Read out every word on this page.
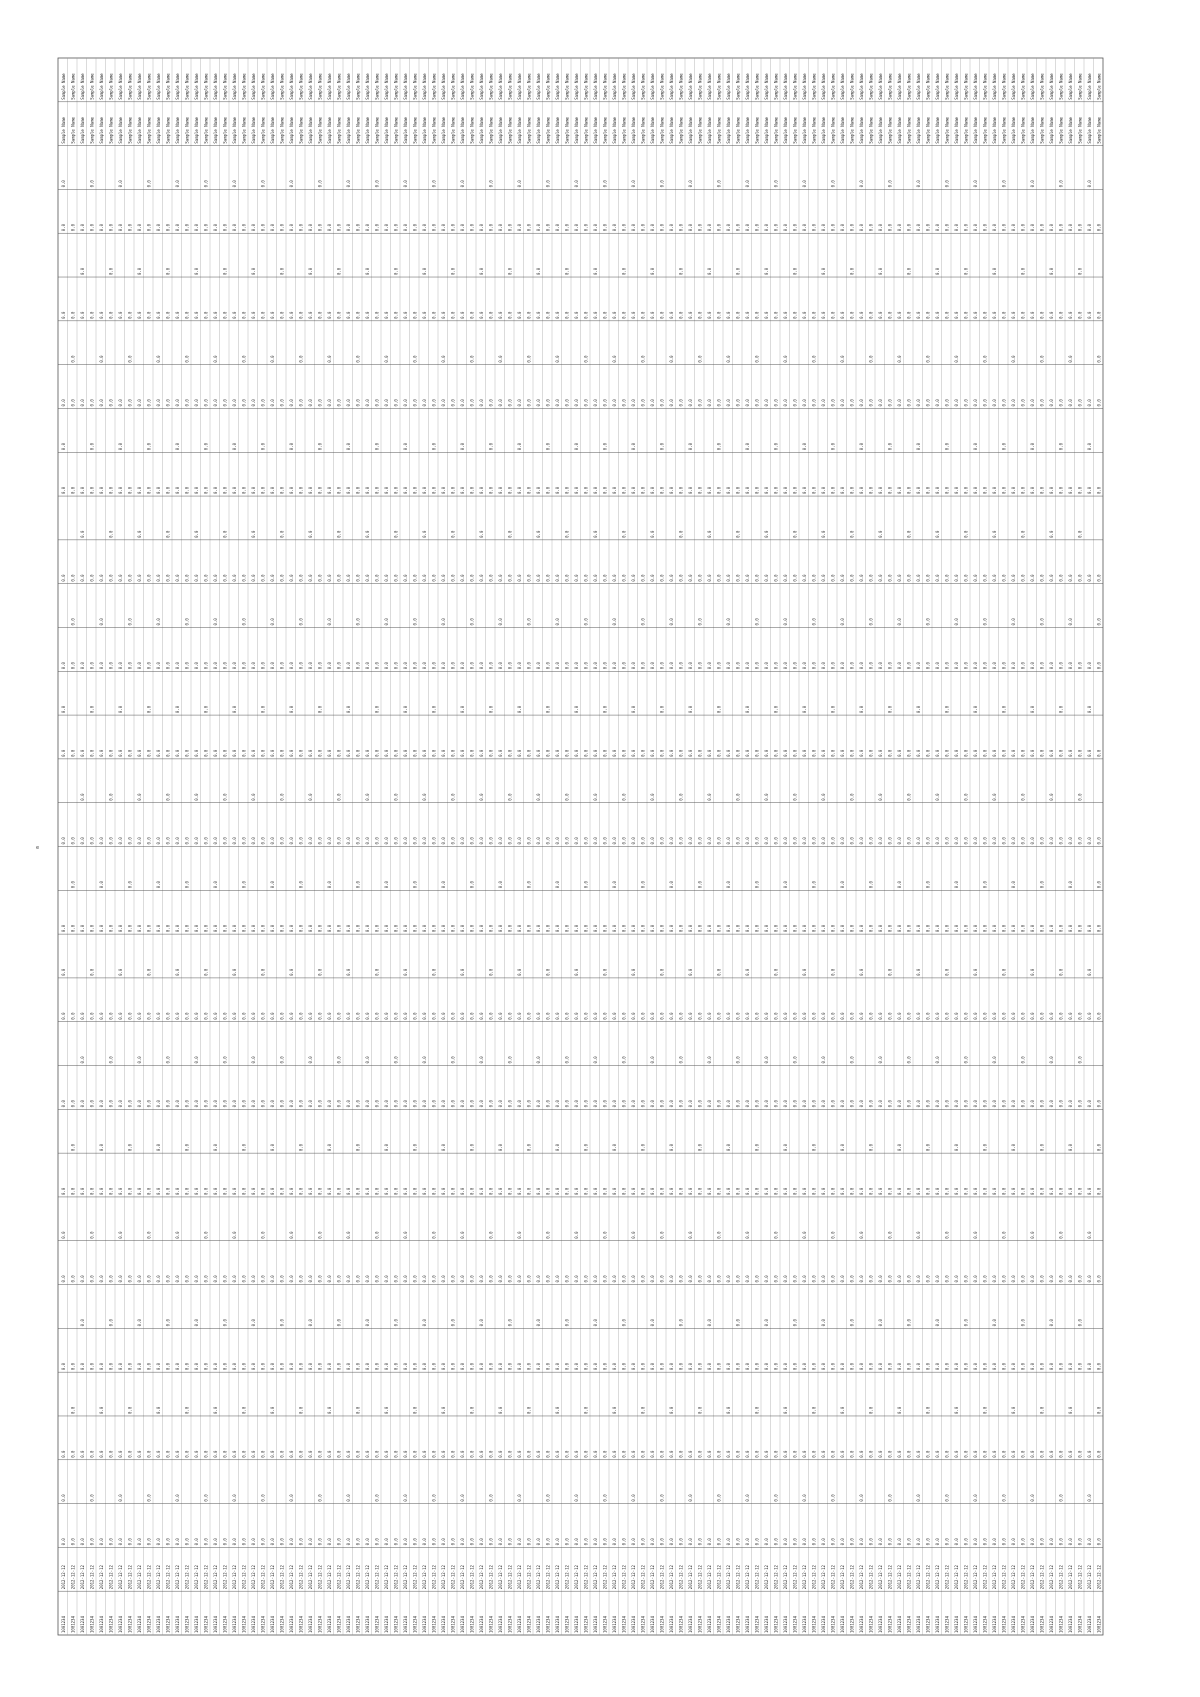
e
1001234
2012-12-12
0.0
0.0
0.0
0.0
0.0
0.0
0.0
0.0
0.0
0.0
0.0
0.0
0.0
0.0
0.0
0.0
0.0
0.0
0.0
0.0
0.0
0.0
Sample Name
Sample Name
1001234
2012-12-12
0.0
0.0
0.0
0.0
0.0
0.0
0.0
0.0
0.0
0.0
0.0
0.0
0.0
0.0
0.0
0.0
0.0
0.0
0.0
0.0
0.0
Sample Name
Sample Name
1001234
2012-12-12
0.0
0.0
0.0
0.0
0.0
0.0
0.0
0.0
0.0
0.0
0.0
0.0
0.0
0.0
0.0
0.0
0.0
0.0
0.0
0.0
0.0
Sample Name
Sample Name
1001234
2012-12-12
0.0
0.0
0.0
0.0
0.0
0.0
0.0
0.0
0.0
0.0
0.0
0.0
0.0
0.0
0.0
0.0
0.0
0.0
0.0
0.0
0.0
0.0
Sample Name
Sample Name
1001234
2012-12-12
0.0
0.0
0.0
0.0
0.0
0.0
0.0
0.0
0.0
0.0
0.0
0.0
0.0
0.0
0.0
0.0
0.0
0.0
0.0
0.0
0.0
Sample Name
Sample Name
1001234
2012-12-12
0.0
0.0
0.0
0.0
0.0
0.0
0.0
0.0
0.0
0.0
0.0
0.0
0.0
0.0
0.0
0.0
0.0
0.0
0.0
0.0
0.0
Sample Name
Sample Name
1001234
2012-12-12
0.0
0.0
0.0
0.0
0.0
0.0
0.0
0.0
0.0
0.0
0.0
0.0
0.0
0.0
0.0
0.0
0.0
0.0
0.0
0.0
0.0
0.0
Sample Name
Sample Name
1001234
2012-12-12
0.0
0.0
0.0
0.0
0.0
0.0
0.0
0.0
0.0
0.0
0.0
0.0
0.0
0.0
0.0
0.0
0.0
0.0
0.0
0.0
0.0
Sample Name
Sample Name
1001234
2012-12-12
0.0
0.0
0.0
0.0
0.0
0.0
0.0
0.0
0.0
0.0
0.0
0.0
0.0
0.0
0.0
0.0
0.0
0.0
0.0
0.0
0.0
Sample Name
Sample Name
1001234
2012-12-12
0.0
0.0
0.0
0.0
0.0
0.0
0.0
0.0
0.0
0.0
0.0
0.0
0.0
0.0
0.0
0.0
0.0
0.0
0.0
0.0
0.0
0.0
Sample Name
Sample Name
1001234
2012-12-12
0.0
0.0
0.0
0.0
0.0
0.0
0.0
0.0
0.0
0.0
0.0
0.0
0.0
0.0
0.0
0.0
0.0
0.0
0.0
0.0
0.0
Sample Name
Sample Name
1001234
2012-12-12
0.0
0.0
0.0
0.0
0.0
0.0
0.0
0.0
0.0
0.0
0.0
0.0
0.0
0.0
0.0
0.0
0.0
0.0
0.0
0.0
0.0
Sample Name
Sample Name
1001234
2012-12-12
0.0
0.0
0.0
0.0
0.0
0.0
0.0
0.0
0.0
0.0
0.0
0.0
0.0
0.0
0.0
0.0
0.0
0.0
0.0
0.0
0.0
0.0
Sample Name
Sample Name
1001234
2012-12-12
0.0
0.0
0.0
0.0
0.0
0.0
0.0
0.0
0.0
0.0
0.0
0.0
0.0
0.0
0.0
0.0
0.0
0.0
0.0
0.0
0.0
Sample Name
Sample Name
1001234
2012-12-12
0.0
0.0
0.0
0.0
0.0
0.0
0.0
0.0
0.0
0.0
0.0
0.0
0.0
0.0
0.0
0.0
0.0
0.0
0.0
0.0
0.0
Sample Name
Sample Name
1001234
2012-12-12
0.0
0.0
0.0
0.0
0.0
0.0
0.0
0.0
0.0
0.0
0.0
0.0
0.0
0.0
0.0
0.0
0.0
0.0
0.0
0.0
0.0
0.0
Sample Name
Sample Name
1001234
2012-12-12
0.0
0.0
0.0
0.0
0.0
0.0
0.0
0.0
0.0
0.0
0.0
0.0
0.0
0.0
0.0
0.0
0.0
0.0
0.0
0.0
0.0
Sample Name
Sample Name
1001234
2012-12-12
0.0
0.0
0.0
0.0
0.0
0.0
0.0
0.0
0.0
0.0
0.0
0.0
0.0
0.0
0.0
0.0
0.0
0.0
0.0
0.0
0.0
Sample Name
Sample Name
1001234
2012-12-12
0.0
0.0
0.0
0.0
0.0
0.0
0.0
0.0
0.0
0.0
0.0
0.0
0.0
0.0
0.0
0.0
0.0
0.0
0.0
0.0
0.0
0.0
Sample Name
Sample Name
1001234
2012-12-12
0.0
0.0
0.0
0.0
0.0
0.0
0.0
0.0
0.0
0.0
0.0
0.0
0.0
0.0
0.0
0.0
0.0
0.0
0.0
0.0
0.0
Sample Name
Sample Name
1001234
2012-12-12
0.0
0.0
0.0
0.0
0.0
0.0
0.0
0.0
0.0
0.0
0.0
0.0
0.0
0.0
0.0
0.0
0.0
0.0
0.0
0.0
0.0
Sample Name
Sample Name
1001234
2012-12-12
0.0
0.0
0.0
0.0
0.0
0.0
0.0
0.0
0.0
0.0
0.0
0.0
0.0
0.0
0.0
0.0
0.0
0.0
0.0
0.0
0.0
0.0
Sample Name
Sample Name
1001234
2012-12-12
0.0
0.0
0.0
0.0
0.0
0.0
0.0
0.0
0.0
0.0
0.0
0.0
0.0
0.0
0.0
0.0
0.0
0.0
0.0
0.0
0.0
Sample Name
Sample Name
1001234
2012-12-12
0.0
0.0
0.0
0.0
0.0
0.0
0.0
0.0
0.0
0.0
0.0
0.0
0.0
0.0
0.0
0.0
0.0
0.0
0.0
0.0
0.0
Sample Name
Sample Name
1001234
2012-12-12
0.0
0.0
0.0
0.0
0.0
0.0
0.0
0.0
0.0
0.0
0.0
0.0
0.0
0.0
0.0
0.0
0.0
0.0
0.0
0.0
0.0
0.0
Sample Name
Sample Name
1001234
2012-12-12
0.0
0.0
0.0
0.0
0.0
0.0
0.0
0.0
0.0
0.0
0.0
0.0
0.0
0.0
0.0
0.0
0.0
0.0
0.0
0.0
0.0
Sample Name
Sample Name
1001234
2012-12-12
0.0
0.0
0.0
0.0
0.0
0.0
0.0
0.0
0.0
0.0
0.0
0.0
0.0
0.0
0.0
0.0
0.0
0.0
0.0
0.0
0.0
Sample Name
Sample Name
1001234
2012-12-12
0.0
0.0
0.0
0.0
0.0
0.0
0.0
0.0
0.0
0.0
0.0
0.0
0.0
0.0
0.0
0.0
0.0
0.0
0.0
0.0
0.0
0.0
Sample Name
Sample Name
1001234
2012-12-12
0.0
0.0
0.0
0.0
0.0
0.0
0.0
0.0
0.0
0.0
0.0
0.0
0.0
0.0
0.0
0.0
0.0
0.0
0.0
0.0
0.0
Sample Name
Sample Name
1001234
2012-12-12
0.0
0.0
0.0
0.0
0.0
0.0
0.0
0.0
0.0
0.0
0.0
0.0
0.0
0.0
0.0
0.0
0.0
0.0
0.0
0.0
0.0
Sample Name
Sample Name
1001234
2012-12-12
0.0
0.0
0.0
0.0
0.0
0.0
0.0
0.0
0.0
0.0
0.0
0.0
0.0
0.0
0.0
0.0
0.0
0.0
0.0
0.0
0.0
0.0
Sample Name
Sample Name
1001234
2012-12-12
0.0
0.0
0.0
0.0
0.0
0.0
0.0
0.0
0.0
0.0
0.0
0.0
0.0
0.0
0.0
0.0
0.0
0.0
0.0
0.0
0.0
Sample Name
Sample Name
1001234
2012-12-12
0.0
0.0
0.0
0.0
0.0
0.0
0.0
0.0
0.0
0.0
0.0
0.0
0.0
0.0
0.0
0.0
0.0
0.0
0.0
0.0
0.0
Sample Name
Sample Name
1001234
2012-12-12
0.0
0.0
0.0
0.0
0.0
0.0
0.0
0.0
0.0
0.0
0.0
0.0
0.0
0.0
0.0
0.0
0.0
0.0
0.0
0.0
0.0
0.0
Sample Name
Sample Name
1001234
2012-12-12
0.0
0.0
0.0
0.0
0.0
0.0
0.0
0.0
0.0
0.0
0.0
0.0
0.0
0.0
0.0
0.0
0.0
0.0
0.0
0.0
0.0
Sample Name
Sample Name
1001234
2012-12-12
0.0
0.0
0.0
0.0
0.0
0.0
0.0
0.0
0.0
0.0
0.0
0.0
0.0
0.0
0.0
0.0
0.0
0.0
0.0
0.0
0.0
Sample Name
Sample Name
1001234
2012-12-12
0.0
0.0
0.0
0.0
0.0
0.0
0.0
0.0
0.0
0.0
0.0
0.0
0.0
0.0
0.0
0.0
0.0
0.0
0.0
0.0
0.0
0.0
Sample Name
Sample Name
1001234
2012-12-12
0.0
0.0
0.0
0.0
0.0
0.0
0.0
0.0
0.0
0.0
0.0
0.0
0.0
0.0
0.0
0.0
0.0
0.0
0.0
0.0
0.0
Sample Name
Sample Name
1001234
2012-12-12
0.0
0.0
0.0
0.0
0.0
0.0
0.0
0.0
0.0
0.0
0.0
0.0
0.0
0.0
0.0
0.0
0.0
0.0
0.0
0.0
0.0
Sample Name
Sample Name
1001234
2012-12-12
0.0
0.0
0.0
0.0
0.0
0.0
0.0
0.0
0.0
0.0
0.0
0.0
0.0
0.0
0.0
0.0
0.0
0.0
0.0
0.0
0.0
0.0
Sample Name
Sample Name
1001234
2012-12-12
0.0
0.0
0.0
0.0
0.0
0.0
0.0
0.0
0.0
0.0
0.0
0.0
0.0
0.0
0.0
0.0
0.0
0.0
0.0
0.0
0.0
Sample Name
Sample Name
1001234
2012-12-12
0.0
0.0
0.0
0.0
0.0
0.0
0.0
0.0
0.0
0.0
0.0
0.0
0.0
0.0
0.0
0.0
0.0
0.0
0.0
0.0
0.0
Sample Name
Sample Name
1001234
2012-12-12
0.0
0.0
0.0
0.0
0.0
0.0
0.0
0.0
0.0
0.0
0.0
0.0
0.0
0.0
0.0
0.0
0.0
0.0
0.0
0.0
0.0
0.0
Sample Name
Sample Name
1001234
2012-12-12
0.0
0.0
0.0
0.0
0.0
0.0
0.0
0.0
0.0
0.0
0.0
0.0
0.0
0.0
0.0
0.0
0.0
0.0
0.0
0.0
0.0
Sample Name
Sample Name
1001234
2012-12-12
0.0
0.0
0.0
0.0
0.0
0.0
0.0
0.0
0.0
0.0
0.0
0.0
0.0
0.0
0.0
0.0
0.0
0.0
0.0
0.0
0.0
Sample Name
Sample Name
1001234
2012-12-12
0.0
0.0
0.0
0.0
0.0
0.0
0.0
0.0
0.0
0.0
0.0
0.0
0.0
0.0
0.0
0.0
0.0
0.0
0.0
0.0
0.0
0.0
Sample Name
Sample Name
1001234
2012-12-12
0.0
0.0
0.0
0.0
0.0
0.0
0.0
0.0
0.0
0.0
0.0
0.0
0.0
0.0
0.0
0.0
0.0
0.0
0.0
0.0
0.0
Sample Name
Sample Name
1001234
2012-12-12
0.0
0.0
0.0
0.0
0.0
0.0
0.0
0.0
0.0
0.0
0.0
0.0
0.0
0.0
0.0
0.0
0.0
0.0
0.0
0.0
0.0
Sample Name
Sample Name
1001234
2012-12-12
0.0
0.0
0.0
0.0
0.0
0.0
0.0
0.0
0.0
0.0
0.0
0.0
0.0
0.0
0.0
0.0
0.0
0.0
0.0
0.0
0.0
0.0
Sample Name
Sample Name
1001234
2012-12-12
0.0
0.0
0.0
0.0
0.0
0.0
0.0
0.0
0.0
0.0
0.0
0.0
0.0
0.0
0.0
0.0
0.0
0.0
0.0
0.0
0.0
Sample Name
Sample Name
1001234
2012-12-12
0.0
0.0
0.0
0.0
0.0
0.0
0.0
0.0
0.0
0.0
0.0
0.0
0.0
0.0
0.0
0.0
0.0
0.0
0.0
0.0
0.0
Sample Name
Sample Name
1001234
2012-12-12
0.0
0.0
0.0
0.0
0.0
0.0
0.0
0.0
0.0
0.0
0.0
0.0
0.0
0.0
0.0
0.0
0.0
0.0
0.0
0.0
0.0
0.0
Sample Name
Sample Name
1001234
2012-12-12
0.0
0.0
0.0
0.0
0.0
0.0
0.0
0.0
0.0
0.0
0.0
0.0
0.0
0.0
0.0
0.0
0.0
0.0
0.0
0.0
0.0
Sample Name
Sample Name
1001234
2012-12-12
0.0
0.0
0.0
0.0
0.0
0.0
0.0
0.0
0.0
0.0
0.0
0.0
0.0
0.0
0.0
0.0
0.0
0.0
0.0
0.0
0.0
Sample Name
Sample Name
1001234
2012-12-12
0.0
0.0
0.0
0.0
0.0
0.0
0.0
0.0
0.0
0.0
0.0
0.0
0.0
0.0
0.0
0.0
0.0
0.0
0.0
0.0
0.0
0.0
Sample Name
Sample Name
1001234
2012-12-12
0.0
0.0
0.0
0.0
0.0
0.0
0.0
0.0
0.0
0.0
0.0
0.0
0.0
0.0
0.0
0.0
0.0
0.0
0.0
0.0
0.0
Sample Name
Sample Name
1001234
2012-12-12
0.0
0.0
0.0
0.0
0.0
0.0
0.0
0.0
0.0
0.0
0.0
0.0
0.0
0.0
0.0
0.0
0.0
0.0
0.0
0.0
0.0
Sample Name
Sample Name
1001234
2012-12-12
0.0
0.0
0.0
0.0
0.0
0.0
0.0
0.0
0.0
0.0
0.0
0.0
0.0
0.0
0.0
0.0
0.0
0.0
0.0
0.0
0.0
0.0
Sample Name
Sample Name
1001234
2012-12-12
0.0
0.0
0.0
0.0
0.0
0.0
0.0
0.0
0.0
0.0
0.0
0.0
0.0
0.0
0.0
0.0
0.0
0.0
0.0
0.0
0.0
Sample Name
Sample Name
1001234
2012-12-12
0.0
0.0
0.0
0.0
0.0
0.0
0.0
0.0
0.0
0.0
0.0
0.0
0.0
0.0
0.0
0.0
0.0
0.0
0.0
0.0
0.0
Sample Name
Sample Name
1001234
2012-12-12
0.0
0.0
0.0
0.0
0.0
0.0
0.0
0.0
0.0
0.0
0.0
0.0
0.0
0.0
0.0
0.0
0.0
0.0
0.0
0.0
0.0
0.0
Sample Name
Sample Name
1001234
2012-12-12
0.0
0.0
0.0
0.0
0.0
0.0
0.0
0.0
0.0
0.0
0.0
0.0
0.0
0.0
0.0
0.0
0.0
0.0
0.0
0.0
0.0
Sample Name
Sample Name
1001234
2012-12-12
0.0
0.0
0.0
0.0
0.0
0.0
0.0
0.0
0.0
0.0
0.0
0.0
0.0
0.0
0.0
0.0
0.0
0.0
0.0
0.0
0.0
Sample Name
Sample Name
1001234
2012-12-12
0.0
0.0
0.0
0.0
0.0
0.0
0.0
0.0
0.0
0.0
0.0
0.0
0.0
0.0
0.0
0.0
0.0
0.0
0.0
0.0
0.0
0.0
Sample Name
Sample Name
1001234
2012-12-12
0.0
0.0
0.0
0.0
0.0
0.0
0.0
0.0
0.0
0.0
0.0
0.0
0.0
0.0
0.0
0.0
0.0
0.0
0.0
0.0
0.0
Sample Name
Sample Name
1001234
2012-12-12
0.0
0.0
0.0
0.0
0.0
0.0
0.0
0.0
0.0
0.0
0.0
0.0
0.0
0.0
0.0
0.0
0.0
0.0
0.0
0.0
0.0
Sample Name
Sample Name
1001234
2012-12-12
0.0
0.0
0.0
0.0
0.0
0.0
0.0
0.0
0.0
0.0
0.0
0.0
0.0
0.0
0.0
0.0
0.0
0.0
0.0
0.0
0.0
0.0
Sample Name
Sample Name
1001234
2012-12-12
0.0
0.0
0.0
0.0
0.0
0.0
0.0
0.0
0.0
0.0
0.0
0.0
0.0
0.0
0.0
0.0
0.0
0.0
0.0
0.0
0.0
Sample Name
Sample Name
1001234
2012-12-12
0.0
0.0
0.0
0.0
0.0
0.0
0.0
0.0
0.0
0.0
0.0
0.0
0.0
0.0
0.0
0.0
0.0
0.0
0.0
0.0
0.0
Sample Name
Sample Name
1001234
2012-12-12
0.0
0.0
0.0
0.0
0.0
0.0
0.0
0.0
0.0
0.0
0.0
0.0
0.0
0.0
0.0
0.0
0.0
0.0
0.0
0.0
0.0
0.0
Sample Name
Sample Name
1001234
2012-12-12
0.0
0.0
0.0
0.0
0.0
0.0
0.0
0.0
0.0
0.0
0.0
0.0
0.0
0.0
0.0
0.0
0.0
0.0
0.0
0.0
0.0
Sample Name
Sample Name
1001234
2012-12-12
0.0
0.0
0.0
0.0
0.0
0.0
0.0
0.0
0.0
0.0
0.0
0.0
0.0
0.0
0.0
0.0
0.0
0.0
0.0
0.0
0.0
Sample Name
Sample Name
1001234
2012-12-12
0.0
0.0
0.0
0.0
0.0
0.0
0.0
0.0
0.0
0.0
0.0
0.0
0.0
0.0
0.0
0.0
0.0
0.0
0.0
0.0
0.0
0.0
Sample Name
Sample Name
1001234
2012-12-12
0.0
0.0
0.0
0.0
0.0
0.0
0.0
0.0
0.0
0.0
0.0
0.0
0.0
0.0
0.0
0.0
0.0
0.0
0.0
0.0
0.0
Sample Name
Sample Name
1001234
2012-12-12
0.0
0.0
0.0
0.0
0.0
0.0
0.0
0.0
0.0
0.0
0.0
0.0
0.0
0.0
0.0
0.0
0.0
0.0
0.0
0.0
0.0
Sample Name
Sample Name
1001234
2012-12-12
0.0
0.0
0.0
0.0
0.0
0.0
0.0
0.0
0.0
0.0
0.0
0.0
0.0
0.0
0.0
0.0
0.0
0.0
0.0
0.0
0.0
0.0
Sample Name
Sample Name
1001234
2012-12-12
0.0
0.0
0.0
0.0
0.0
0.0
0.0
0.0
0.0
0.0
0.0
0.0
0.0
0.0
0.0
0.0
0.0
0.0
0.0
0.0
0.0
Sample Name
Sample Name
1001234
2012-12-12
0.0
0.0
0.0
0.0
0.0
0.0
0.0
0.0
0.0
0.0
0.0
0.0
0.0
0.0
0.0
0.0
0.0
0.0
0.0
0.0
0.0
Sample Name
Sample Name
1001234
2012-12-12
0.0
0.0
0.0
0.0
0.0
0.0
0.0
0.0
0.0
0.0
0.0
0.0
0.0
0.0
0.0
0.0
0.0
0.0
0.0
0.0
0.0
0.0
Sample Name
Sample Name
1001234
2012-12-12
0.0
0.0
0.0
0.0
0.0
0.0
0.0
0.0
0.0
0.0
0.0
0.0
0.0
0.0
0.0
0.0
0.0
0.0
0.0
0.0
0.0
Sample Name
Sample Name
1001234
2012-12-12
0.0
0.0
0.0
0.0
0.0
0.0
0.0
0.0
0.0
0.0
0.0
0.0
0.0
0.0
0.0
0.0
0.0
0.0
0.0
0.0
0.0
Sample Name
Sample Name
1001234
2012-12-12
0.0
0.0
0.0
0.0
0.0
0.0
0.0
0.0
0.0
0.0
0.0
0.0
0.0
0.0
0.0
0.0
0.0
0.0
0.0
0.0
0.0
0.0
Sample Name
Sample Name
1001234
2012-12-12
0.0
0.0
0.0
0.0
0.0
0.0
0.0
0.0
0.0
0.0
0.0
0.0
0.0
0.0
0.0
0.0
0.0
0.0
0.0
0.0
0.0
Sample Name
Sample Name
1001234
2012-12-12
0.0
0.0
0.0
0.0
0.0
0.0
0.0
0.0
0.0
0.0
0.0
0.0
0.0
0.0
0.0
0.0
0.0
0.0
0.0
0.0
0.0
Sample Name
Sample Name
1001234
2012-12-12
0.0
0.0
0.0
0.0
0.0
0.0
0.0
0.0
0.0
0.0
0.0
0.0
0.0
0.0
0.0
0.0
0.0
0.0
0.0
0.0
0.0
0.0
Sample Name
Sample Name
1001234
2012-12-12
0.0
0.0
0.0
0.0
0.0
0.0
0.0
0.0
0.0
0.0
0.0
0.0
0.0
0.0
0.0
0.0
0.0
0.0
0.0
0.0
0.0
Sample Name
Sample Name
1001234
2012-12-12
0.0
0.0
0.0
0.0
0.0
0.0
0.0
0.0
0.0
0.0
0.0
0.0
0.0
0.0
0.0
0.0
0.0
0.0
0.0
0.0
0.0
Sample Name
Sample Name
1001234
2012-12-12
0.0
0.0
0.0
0.0
0.0
0.0
0.0
0.0
0.0
0.0
0.0
0.0
0.0
0.0
0.0
0.0
0.0
0.0
0.0
0.0
0.0
0.0
Sample Name
Sample Name
1001234
2012-12-12
0.0
0.0
0.0
0.0
0.0
0.0
0.0
0.0
0.0
0.0
0.0
0.0
0.0
0.0
0.0
0.0
0.0
0.0
0.0
0.0
0.0
Sample Name
Sample Name
1001234
2012-12-12
0.0
0.0
0.0
0.0
0.0
0.0
0.0
0.0
0.0
0.0
0.0
0.0
0.0
0.0
0.0
0.0
0.0
0.0
0.0
0.0
0.0
Sample Name
Sample Name
1001234
2012-12-12
0.0
0.0
0.0
0.0
0.0
0.0
0.0
0.0
0.0
0.0
0.0
0.0
0.0
0.0
0.0
0.0
0.0
0.0
0.0
0.0
0.0
0.0
Sample Name
Sample Name
1001234
2012-12-12
0.0
0.0
0.0
0.0
0.0
0.0
0.0
0.0
0.0
0.0
0.0
0.0
0.0
0.0
0.0
0.0
0.0
0.0
0.0
0.0
0.0
Sample Name
Sample Name
1001234
2012-12-12
0.0
0.0
0.0
0.0
0.0
0.0
0.0
0.0
0.0
0.0
0.0
0.0
0.0
0.0
0.0
0.0
0.0
0.0
0.0
0.0
0.0
Sample Name
Sample Name
1001234
2012-12-12
0.0
0.0
0.0
0.0
0.0
0.0
0.0
0.0
0.0
0.0
0.0
0.0
0.0
0.0
0.0
0.0
0.0
0.0
0.0
0.0
0.0
0.0
Sample Name
Sample Name
1001234
2012-12-12
0.0
0.0
0.0
0.0
0.0
0.0
0.0
0.0
0.0
0.0
0.0
0.0
0.0
0.0
0.0
0.0
0.0
0.0
0.0
0.0
0.0
Sample Name
Sample Name
1001234
2012-12-12
0.0
0.0
0.0
0.0
0.0
0.0
0.0
0.0
0.0
0.0
0.0
0.0
0.0
0.0
0.0
0.0
0.0
0.0
0.0
0.0
0.0
Sample Name
Sample Name
1001234
2012-12-12
0.0
0.0
0.0
0.0
0.0
0.0
0.0
0.0
0.0
0.0
0.0
0.0
0.0
0.0
0.0
0.0
0.0
0.0
0.0
0.0
0.0
0.0
Sample Name
Sample Name
1001234
2012-12-12
0.0
0.0
0.0
0.0
0.0
0.0
0.0
0.0
0.0
0.0
0.0
0.0
0.0
0.0
0.0
0.0
0.0
0.0
0.0
0.0
0.0
Sample Name
Sample Name
1001234
2012-12-12
0.0
0.0
0.0
0.0
0.0
0.0
0.0
0.0
0.0
0.0
0.0
0.0
0.0
0.0
0.0
0.0
0.0
0.0
0.0
0.0
0.0
Sample Name
Sample Name
1001234
2012-12-12
0.0
0.0
0.0
0.0
0.0
0.0
0.0
0.0
0.0
0.0
0.0
0.0
0.0
0.0
0.0
0.0
0.0
0.0
0.0
0.0
0.0
0.0
Sample Name
Sample Name
1001234
2012-12-12
0.0
0.0
0.0
0.0
0.0
0.0
0.0
0.0
0.0
0.0
0.0
0.0
0.0
0.0
0.0
0.0
0.0
0.0
0.0
0.0
0.0
Sample Name
Sample Name
1001234
2012-12-12
0.0
0.0
0.0
0.0
0.0
0.0
0.0
0.0
0.0
0.0
0.0
0.0
0.0
0.0
0.0
0.0
0.0
0.0
0.0
0.0
0.0
Sample Name
Sample Name
1001234
2012-12-12
0.0
0.0
0.0
0.0
0.0
0.0
0.0
0.0
0.0
0.0
0.0
0.0
0.0
0.0
0.0
0.0
0.0
0.0
0.0
0.0
0.0
0.0
Sample Name
Sample Name
1001234
2012-12-12
0.0
0.0
0.0
0.0
0.0
0.0
0.0
0.0
0.0
0.0
0.0
0.0
0.0
0.0
0.0
0.0
0.0
0.0
0.0
0.0
0.0
Sample Name
Sample Name
1001234
2012-12-12
0.0
0.0
0.0
0.0
0.0
0.0
0.0
0.0
0.0
0.0
0.0
0.0
0.0
0.0
0.0
0.0
0.0
0.0
0.0
0.0
0.0
Sample Name
Sample Name
1001234
2012-12-12
0.0
0.0
0.0
0.0
0.0
0.0
0.0
0.0
0.0
0.0
0.0
0.0
0.0
0.0
0.0
0.0
0.0
0.0
0.0
0.0
0.0
0.0
Sample Name
Sample Name
1001234
2012-12-12
0.0
0.0
0.0
0.0
0.0
0.0
0.0
0.0
0.0
0.0
0.0
0.0
0.0
0.0
0.0
0.0
0.0
0.0
0.0
0.0
0.0
Sample Name
Sample Name
1001234
2012-12-12
0.0
0.0
0.0
0.0
0.0
0.0
0.0
0.0
0.0
0.0
0.0
0.0
0.0
0.0
0.0
0.0
0.0
0.0
0.0
0.0
0.0
Sample Name
Sample Name
1001234
2012-12-12
0.0
0.0
0.0
0.0
0.0
0.0
0.0
0.0
0.0
0.0
0.0
0.0
0.0
0.0
0.0
0.0
0.0
0.0
0.0
0.0
0.0
0.0
Sample Name
Sample Name
1001234
2012-12-12
0.0
0.0
0.0
0.0
0.0
0.0
0.0
0.0
0.0
0.0
0.0
0.0
0.0
0.0
0.0
0.0
0.0
0.0
0.0
0.0
0.0
Sample Name
Sample Name
